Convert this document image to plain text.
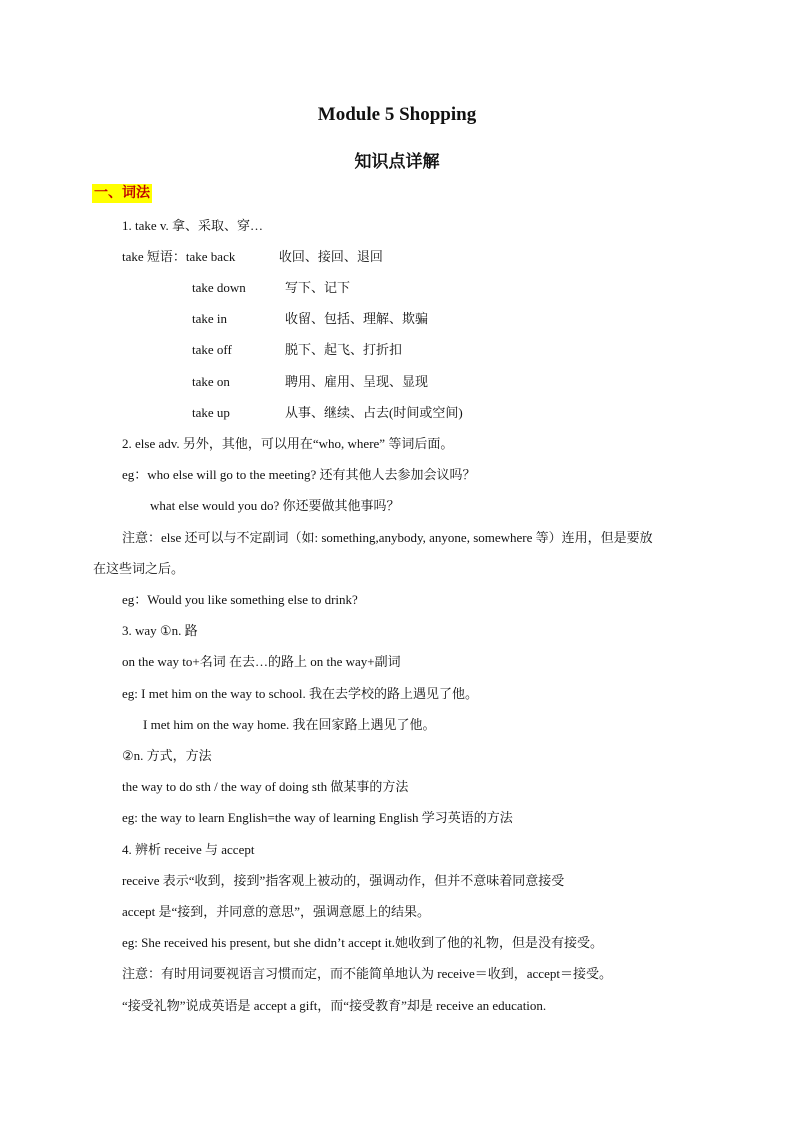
Module 5 Shopping
知识点详解
一、词法
1. take v. 拿、采取、穿…
take 短语：take back	收回、接回、退回
take down	写下、记下
take in	收留、包括、理解、欺骗
take off	脱下、起飞、打折扣
take on	聘用、雇用、呈现、显现
take up	从事、继续、占去(时间或空间)
2. else adv. 另外，其他，可以用在“who, where” 等词后面。
eg：who else will go to the meeting? 还有其他人去参加会议吗？
what else would you do? 你还要做其他事吗？
注意：else 还可以与不定副词（如: something,anybody, anyone, somewhere 等）连用，但是要放
在这些词之后。
eg：Would you like something else to drink?
3. way ①n. 路
on the way to+名词 在去…的路上 on the way+副词
eg: I met him on the way to school. 我在去学校的路上遇见了他。
I met him on the way home. 我在回家路上遇见了他。
②n. 方式，方法
the way to do sth / the way of doing sth 做某事的方法
eg: the way to learn English=the way of learning English 学习英语的方法
4. 辨析 receive 与 accept
receive 表示“收到，接到”指客观上被动的，强调动作，但并不意味着同意接受
accept 是“接到，并同意的意思”，强调意愿上的结果。
eg: She received his present, but she didn’t accept it.她收到了他的礼物，但是没有接受。
注意：有时用词要视语言习惯而定，而不能简单地认为 receive＝收到，accept＝接受。
“接受礼物”说成英语是 accept a gift，而“接受教育”却是 receive an education.
